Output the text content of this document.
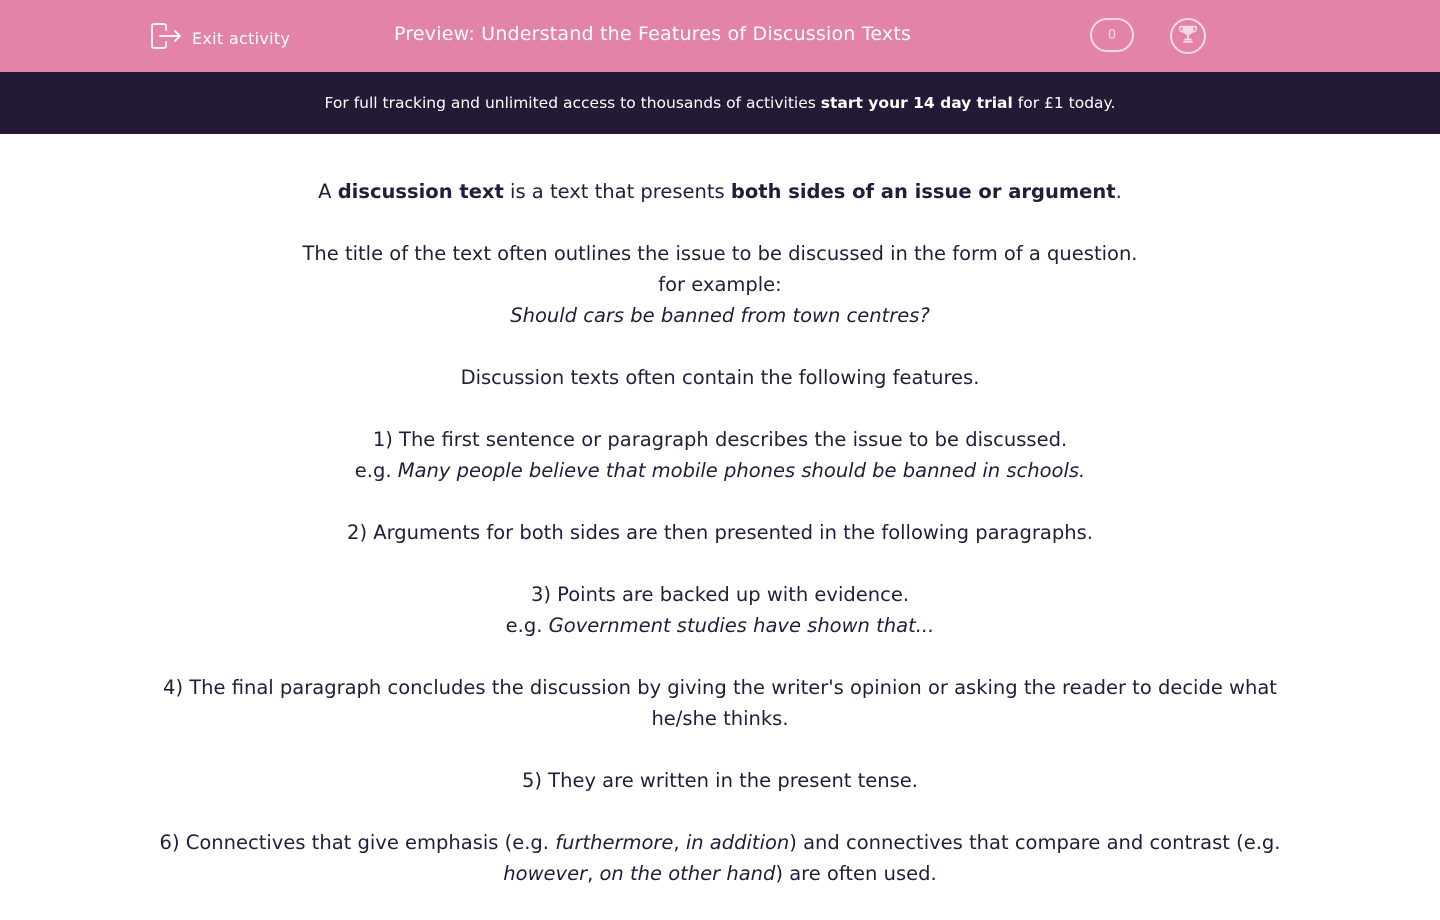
Exit activity	Preview: Understand the Features of Discussion Texts	0
For full tracking and unlimited access to thousands of activities start your 14 day trial for £1 today.

A discussion text is a text that presents both sides of an issue or argument.

The title of the text often outlines the issue to be discussed in the form of a question.
for example:
Should cars be banned from town centres?

Discussion texts often contain the following features.

1) The first sentence or paragraph describes the issue to be discussed.
e.g. Many people believe that mobile phones should be banned in schools.

2) Arguments for both sides are then presented in the following paragraphs.

3) Points are backed up with evidence.
e.g. Government studies have shown that...

4) The final paragraph concludes the discussion by giving the writer's opinion or asking the reader to decide what he/she thinks.

5) They are written in the present tense.

6) Connectives that give emphasis (e.g. furthermore, in addition) and connectives that compare and contrast (e.g. however, on the other hand) are often used.
